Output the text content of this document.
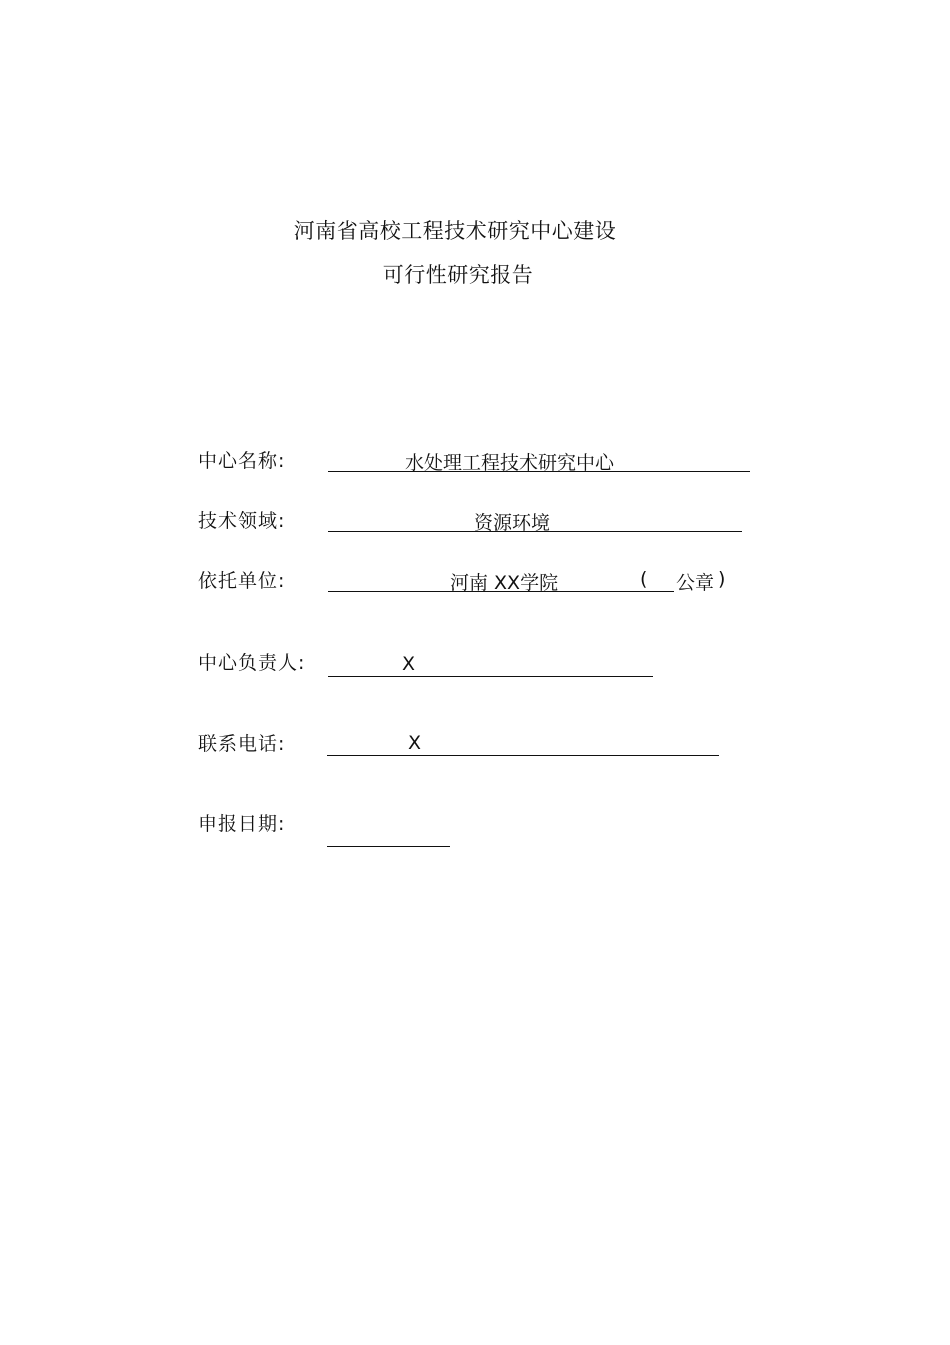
河南省高校工程技术研究中心建设
可行性研究报告
中心名称:	水处理工程技术研究中心
技术领域:	资源环境
依托单位:	河南 XX学院	( 公章 )
中心负责人:	X
联系电话:	X
申报日期:
